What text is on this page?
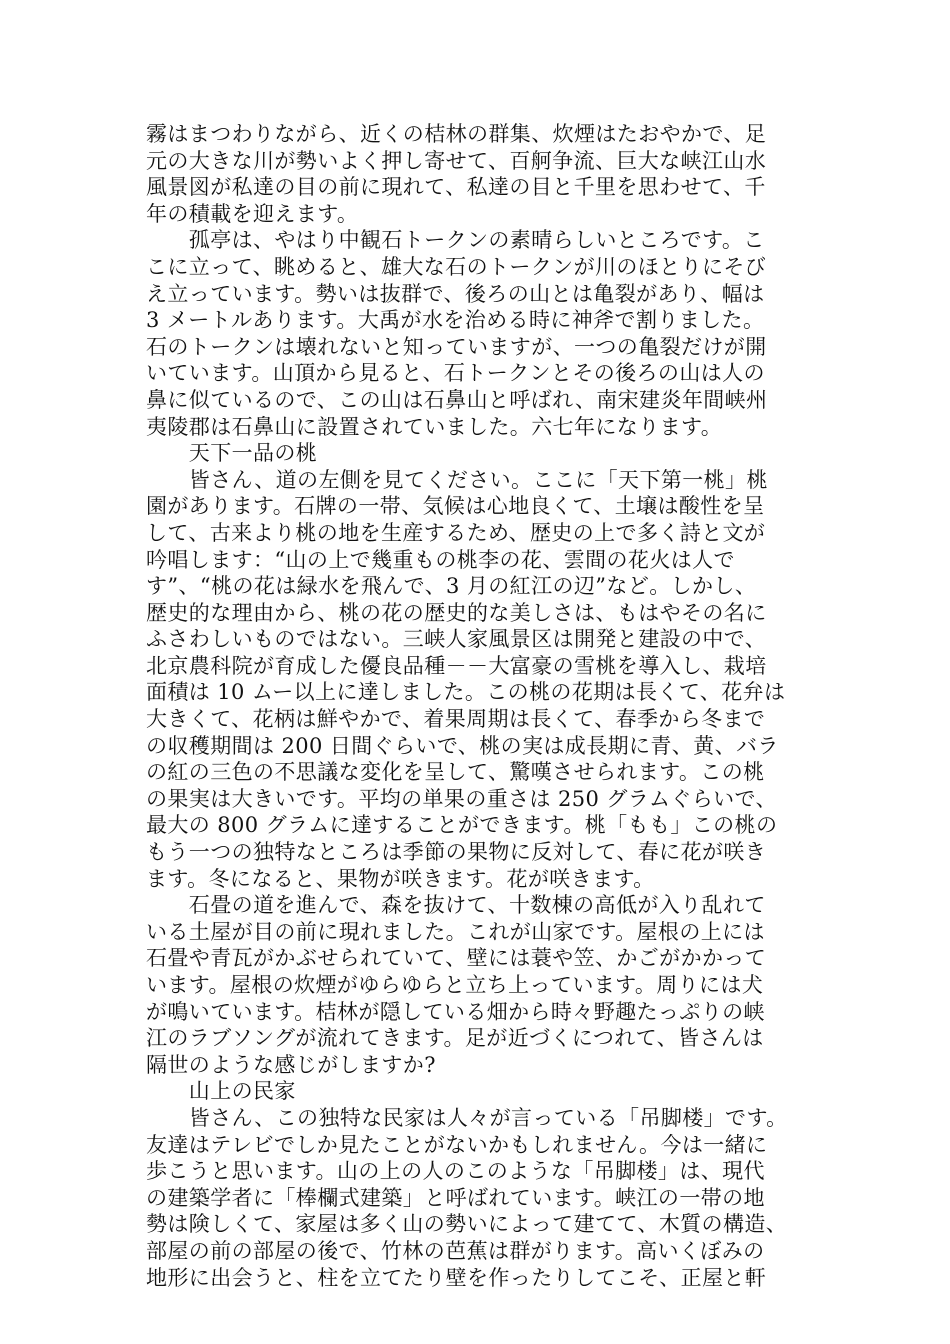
霧はまつわりながら、近くの桔林の群集、炊煙はたおやかで、足
元の大きな川が勢いよく押し寄せて、百舸争流、巨大な峡江山水
風景図が私達の目の前に現れて、私達の目と千里を思わせて、千
年の積載を迎えます。
　　孤亭は、やはり中観石トークンの素晴らしいところです。こ
こに立って、眺めると、雄大な石のトークンが川のほとりにそび
え立っています。勢いは抜群で、後ろの山とは亀裂があり、幅は
3 メートルあります。大禹が水を治める時に神斧で割りました。
石のトークンは壊れないと知っていますが、一つの亀裂だけが開
いています。山頂から見ると、石トークンとその後ろの山は人の
鼻に似ているので、この山は石鼻山と呼ばれ、南宋建炎年間峡州
夷陵郡は石鼻山に設置されていました。六七年になります。
　　天下一品の桃
　　皆さん、道の左側を見てください。ここに「天下第一桃」桃
園があります。石牌の一帯、気候は心地良くて、土壌は酸性を呈
して、古来より桃の地を生産するため、歴史の上で多く詩と文が
吟唱します：“山の上で幾重もの桃李の花、雲間の花火は人で
す”、“桃の花は緑水を飛んで、3 月の紅江の辺”など。しかし、
歴史的な理由から、桃の花の歴史的な美しさは、もはやその名に
ふさわしいものではない。三峡人家風景区は開発と建設の中で、
北京農科院が育成した優良品種－－大富豪の雪桃を導入し、栽培
面積は 10 ムー以上に達しました。この桃の花期は長くて、花弁は
大きくて、花柄は鮮やかで、着果周期は長くて、春季から冬まで
の収穫期間は 200 日間ぐらいで、桃の実は成長期に青、黄、バラ
の紅の三色の不思議な変化を呈して、驚嘆させられます。この桃
の果実は大きいです。平均の単果の重さは 250 グラムぐらいで、
最大の 800 グラムに達することができます。桃「もも」この桃の
もう一つの独特なところは季節の果物に反対して、春に花が咲き
ます。冬になると、果物が咲きます。花が咲きます。
　　石畳の道を進んで、森を抜けて、十数棟の高低が入り乱れて
いる土屋が目の前に現れました。これが山家です。屋根の上には
石畳や青瓦がかぶせられていて、壁には蓑や笠、かごがかかって
います。屋根の炊煙がゆらゆらと立ち上っています。周りには犬
が鳴いています。桔林が隠している畑から時々野趣たっぷりの峡
江のラブソングが流れてきます。足が近づくにつれて、皆さんは
隔世のような感じがしますか?
　　山上の民家
　　皆さん、この独特な民家は人々が言っている「吊脚楼」です。
友達はテレビでしか見たことがないかもしれません。今は一緒に
歩こうと思います。山の上の人のこのような「吊脚楼」は、現代
の建築学者に「棒欄式建築」と呼ばれています。峡江の一帯の地
勢は険しくて、家屋は多く山の勢いによって建てて、木質の構造、
部屋の前の部屋の後で、竹林の芭蕉は群がります。高いくぼみの
地形に出会うと、柱を立てたり壁を作ったりしてこそ、正屋と軒
